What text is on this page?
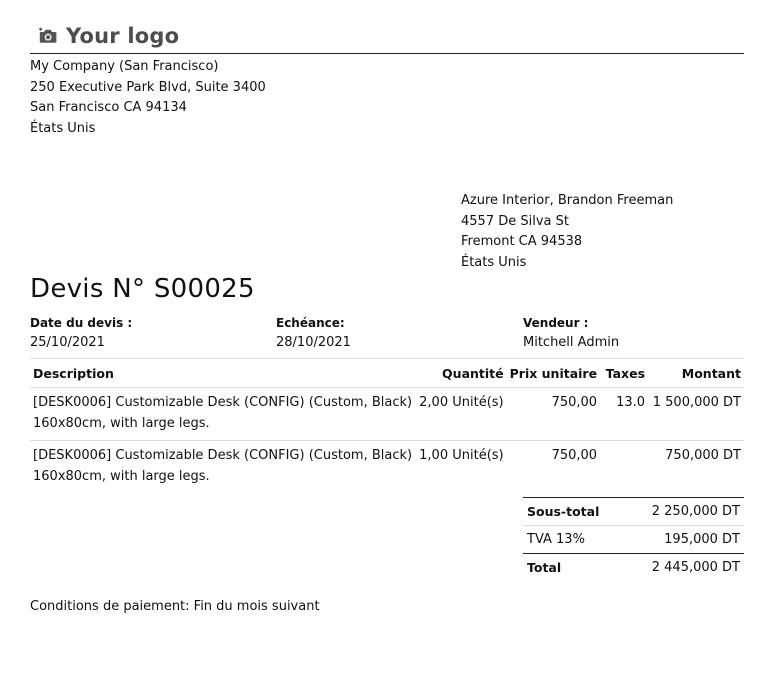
Your logo
My Company (San Francisco)
250 Executive Park Blvd, Suite 3400
San Francisco CA 94134
États Unis
Azure Interior, Brandon Freeman
4557 De Silva St
Fremont CA 94538
États Unis
Devis N° S00025
Date du devis :
25/10/2021
Echéance:
28/10/2021
Vendeur :
Mitchell Admin
Description	Quantité	Prix unitaire	Taxes	Montant
[DESK0006] Customizable Desk (CONFIG) (Custom, Black) 160x80cm, with large legs.	2,00 Unité(s)	750,00	13.0	1 500,000 DT
[DESK0006] Customizable Desk (CONFIG) (Custom, Black) 160x80cm, with large legs.	1,00 Unité(s)	750,00		750,000 DT
Sous-total	2 250,000 DT
TVA 13%	195,000 DT
Total	2 445,000 DT
Conditions de paiement: Fin du mois suivant
